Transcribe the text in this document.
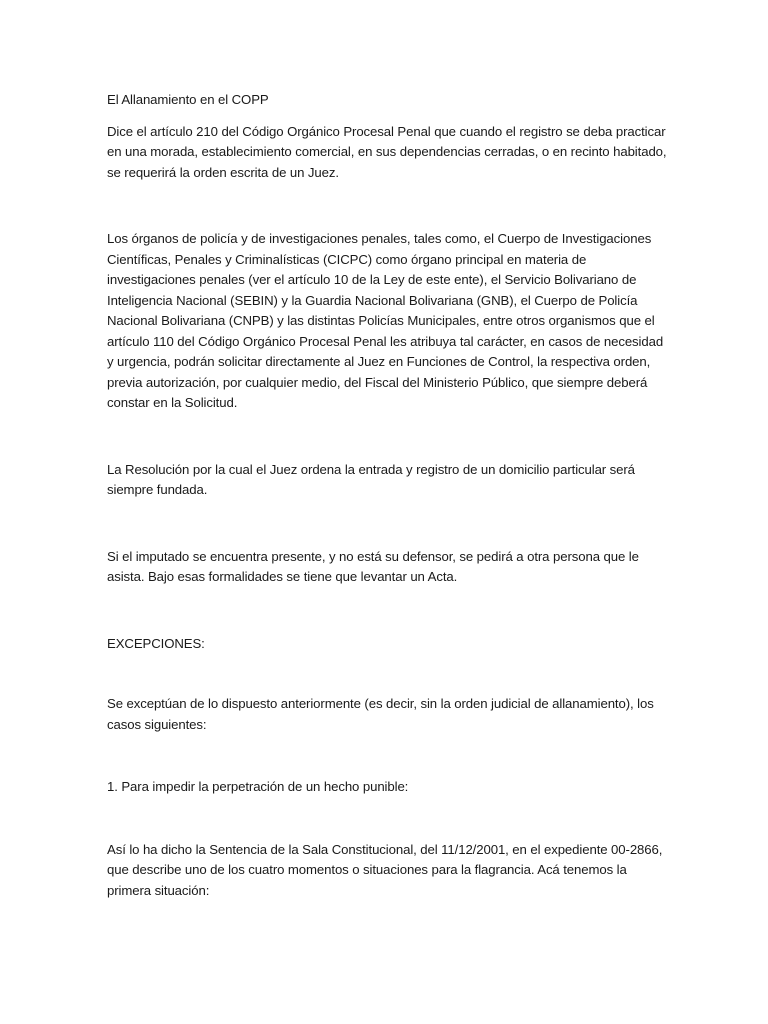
El Allanamiento en el COPP

Dice el artículo 210 del Código Orgánico Procesal Penal que cuando el registro se deba practicar en una morada, establecimiento comercial, en sus dependencias cerradas, o en recinto habitado, se requerirá la orden escrita de un Juez.

Los órganos de policía y de investigaciones penales, tales como, el Cuerpo de Investigaciones Científicas, Penales y Criminalísticas (CICPC) como órgano principal en materia de investigaciones penales (ver el artículo 10 de la Ley de este ente), el Servicio Bolivariano de Inteligencia Nacional (SEBIN) y la Guardia Nacional Bolivariana (GNB), el Cuerpo de Policía Nacional Bolivariana (CNPB) y las distintas Policías Municipales, entre otros organismos que el artículo 110 del Código Orgánico Procesal Penal les atribuya tal carácter, en casos de necesidad y urgencia, podrán solicitar directamente al Juez en Funciones de Control, la respectiva orden, previa autorización, por cualquier medio, del Fiscal del Ministerio Público, que siempre deberá constar en la Solicitud.

La Resolución por la cual el Juez ordena la entrada y registro de un domicilio particular será siempre fundada.

Si el imputado se encuentra presente, y no está su defensor, se pedirá a otra persona que le asista. Bajo esas formalidades se tiene que levantar un Acta.

EXCEPCIONES:

Se exceptúan de lo dispuesto anteriormente (es decir, sin la orden judicial de allanamiento), los casos siguientes:

1. Para impedir la perpetración de un hecho punible:

Así lo ha dicho la Sentencia de la Sala Constitucional, del 11/12/2001, en el expediente 00-2866, que describe uno de los cuatro momentos o situaciones para la flagrancia. Acá tenemos la primera situación:
